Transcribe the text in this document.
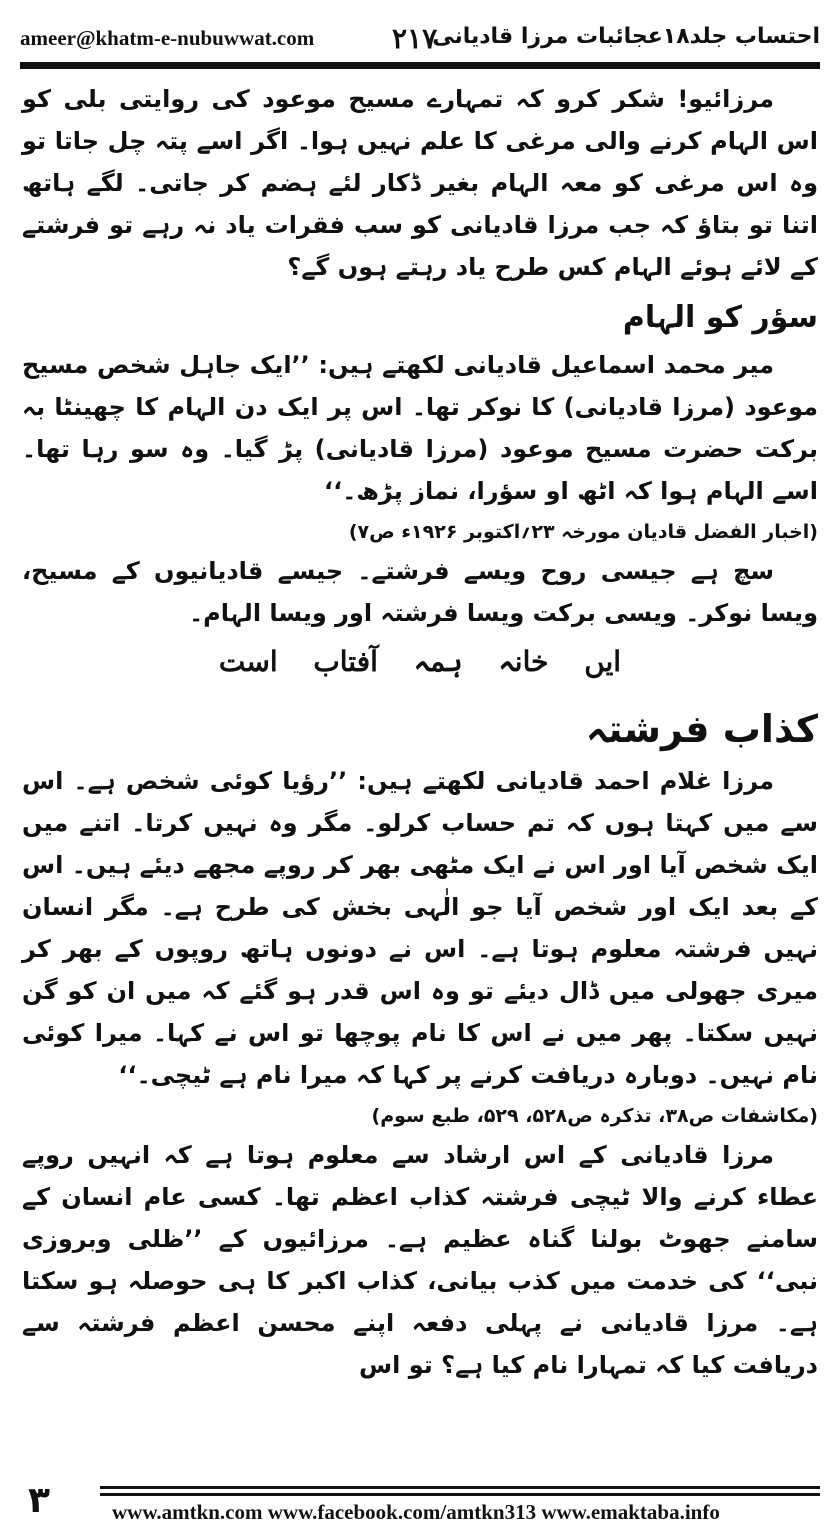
ameer@khatm-e-nubuwwat.com	۲۱۷
احتساب جلد۱۸عجائبات مرزا قادیانی

مرزائیو! شکر کرو کہ تمہارے مسیح موعود کی روایتی بلی کو اس الہام کرنے والی مرغی کا علم نہیں ہوا۔ اگر اسے پتہ چل جاتا تو وہ اس مرغی کو معہ الہام بغیر ڈکار لئے ہضم کر جاتی۔ لگے ہاتھ اتنا تو بتاؤ کہ جب مرزا قادیانی کو سب فقرات یاد نہ رہے تو فرشتے کے لائے ہوئے الہام کس طرح یاد رہتے ہوں گے؟

سؤر کو الہام

میر محمد اسماعیل قادیانی لکھتے ہیں: ’’ایک جاہل شخص مسیح موعود (مرزا قادیانی) کا نوکر تھا۔ اس پر ایک دن الہام کا چھینٹا بہ برکت حضرت مسیح موعود (مرزا قادیانی) پڑ گیا۔ وہ سو رہا تھا۔ اسے الہام ہوا کہ اٹھ او سؤرا، نماز پڑھ۔‘‘

(اخبار الفضل قادیان مورخہ ۲۳؍اکتوبر ۱۹۲۶ء ص۷)

سچ ہے جیسی روح ویسے فرشتے۔ جیسے قادیانیوں کے مسیح، ویسا نوکر۔ ویسی برکت ویسا فرشتہ اور ویسا الہام۔

ایں خانہ ہمہ آفتاب است

کذاب فرشتہ

مرزا غلام احمد قادیانی لکھتے ہیں: ’’رؤیا کوئی شخص ہے۔ اس سے میں کہتا ہوں کہ تم حساب کرلو۔ مگر وہ نہیں کرتا۔ اتنے میں ایک شخص آیا اور اس نے ایک مٹھی بھر کر روپے مجھے دیئے ہیں۔ اس کے بعد ایک اور شخص آیا جو الٰہی بخش کی طرح ہے۔ مگر انسان نہیں فرشتہ معلوم ہوتا ہے۔ اس نے دونوں ہاتھ روپوں کے بھر کر میری جھولی میں ڈال دیئے تو وہ اس قدر ہو گئے کہ میں ان کو گن نہیں سکتا۔ پھر میں نے اس کا نام پوچھا تو اس نے کہا۔ میرا کوئی نام نہیں۔ دوبارہ دریافت کرنے پر کہا کہ میرا نام ہے ٹیچی۔‘‘

(مکاشفات ص۳۸، تذکرہ ص۵۲۸، ۵۲۹، طبع سوم)

مرزا قادیانی کے اس ارشاد سے معلوم ہوتا ہے کہ انہیں روپے عطاء کرنے والا ٹیچی فرشتہ کذاب اعظم تھا۔ کسی عام انسان کے سامنے جھوٹ بولنا گناہ عظیم ہے۔ مرزائیوں کے ’’ظلی وبروزی نبی‘‘ کی خدمت میں کذب بیانی، کذاب اکبر کا ہی حوصلہ ہو سکتا ہے۔ مرزا قادیانی نے پہلی دفعہ اپنے محسن اعظم فرشتہ سے دریافت کیا کہ تمہارا نام کیا ہے؟ تو اس

۳	www.amtkn.com www.facebook.com/amtkn313 www.emaktaba.info
